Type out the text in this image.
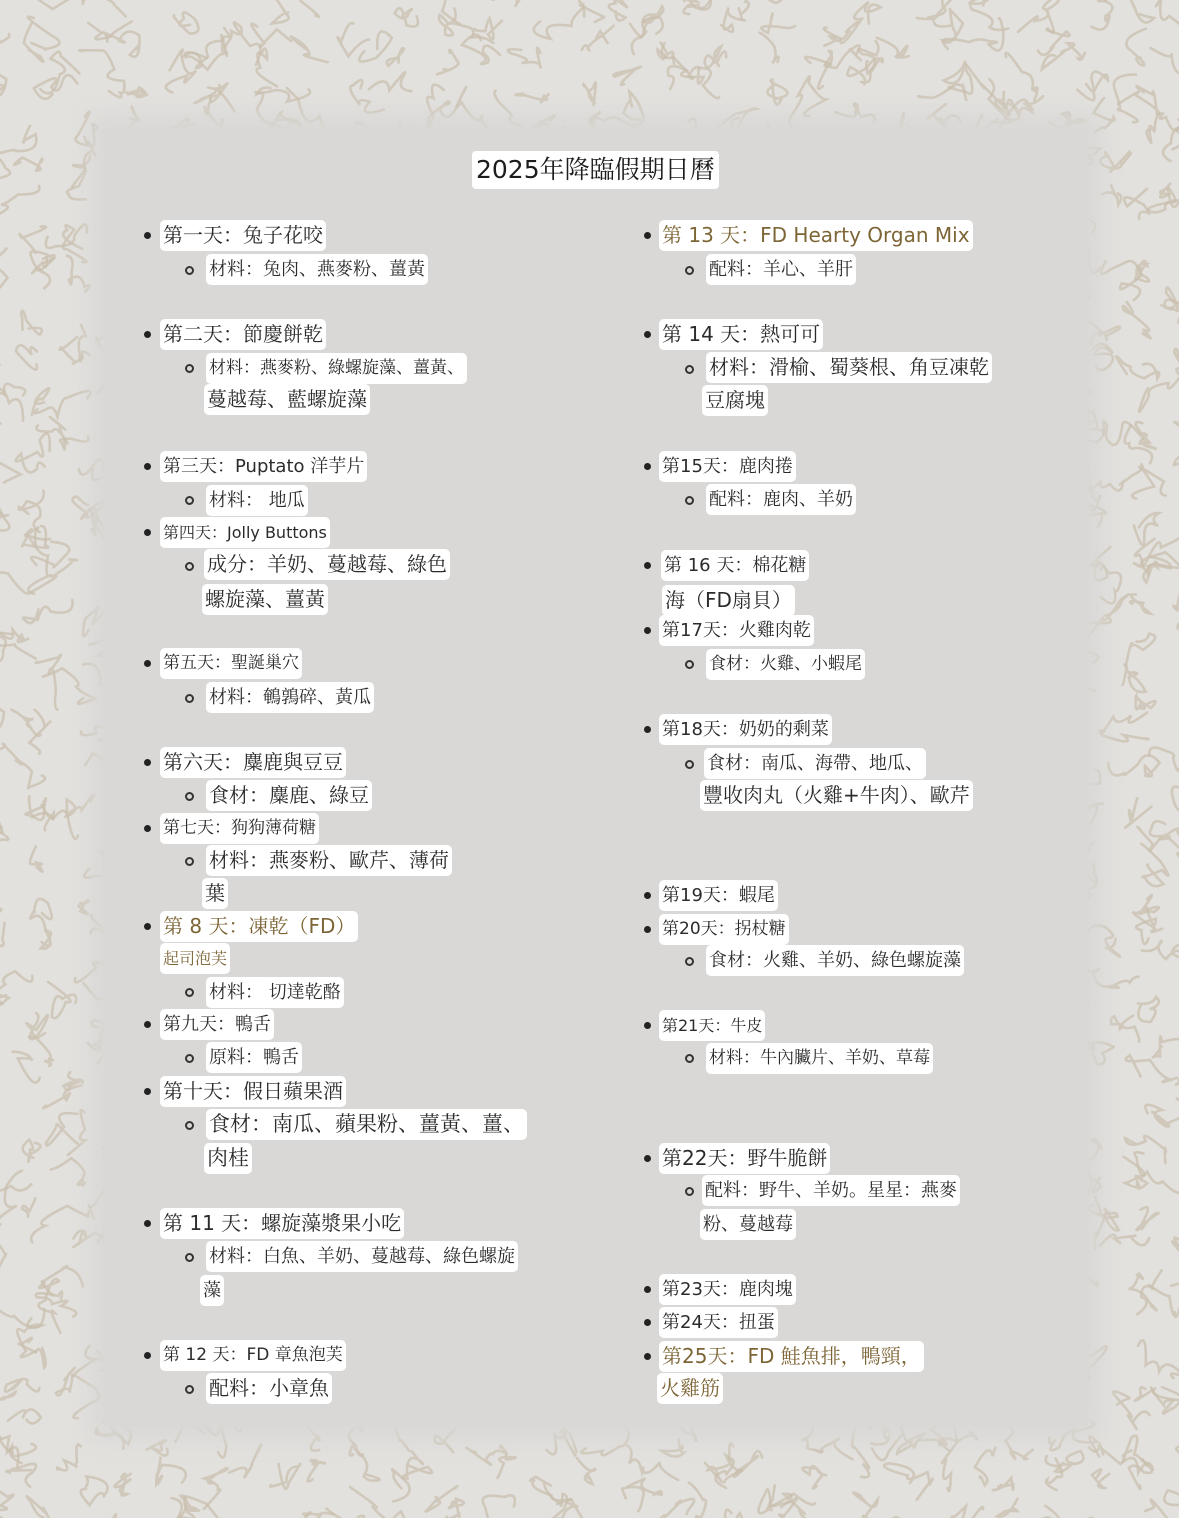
2025年降臨假期日曆
第一天：兔子花咬
材料：兔肉、燕麥粉、薑黃
第二天：節慶餅乾
材料：燕麥粉、綠螺旋藻、薑黃、
蔓越莓、藍螺旋藻
第三天：Puptato 洋芋片
材料： 地瓜
第四天：Jolly Buttons
成分：羊奶、蔓越莓、綠色
螺旋藻、薑黃
第五天：聖誕巢穴
材料：鵪鶉碎、黃瓜
第六天：麋鹿與豆豆
食材：麋鹿、綠豆
第七天：狗狗薄荷糖
材料：燕麥粉、歐芹、薄荷
葉
第 8 天：凍乾（FD）
起司泡芙
材料： 切達乾酪
第九天：鴨舌
原料：鴨舌
第十天：假日蘋果酒
食材：南瓜、蘋果粉、薑黃、薑、
肉桂
第 11 天：螺旋藻漿果小吃
材料：白魚、羊奶、蔓越莓、綠色螺旋
藻
第 12 天：FD 章魚泡芙
配料：小章魚
第 13 天：FD Hearty Organ Mix
配料：羊心、羊肝
第 14 天：熱可可
材料：滑榆、蜀葵根、角豆凍乾
豆腐塊
第15天：鹿肉捲
配料：鹿肉、羊奶
第 16 天：棉花糖
海（FD扇貝）
第17天：火雞肉乾
食材：火雞、小蝦尾
第18天：奶奶的剩菜
食材：南瓜、海帶、地瓜、
豐收肉丸（火雞+牛肉）、歐芹
第19天：蝦尾
第20天：拐杖糖
食材：火雞、羊奶、綠色螺旋藻
第21天：牛皮
材料：牛內臟片、羊奶、草莓
第22天：野牛脆餅
配料：野牛、羊奶。星星：燕麥
粉、蔓越莓
第23天：鹿肉塊
第24天：扭蛋
第25天：FD 鮭魚排，鴨頸，
火雞筋
